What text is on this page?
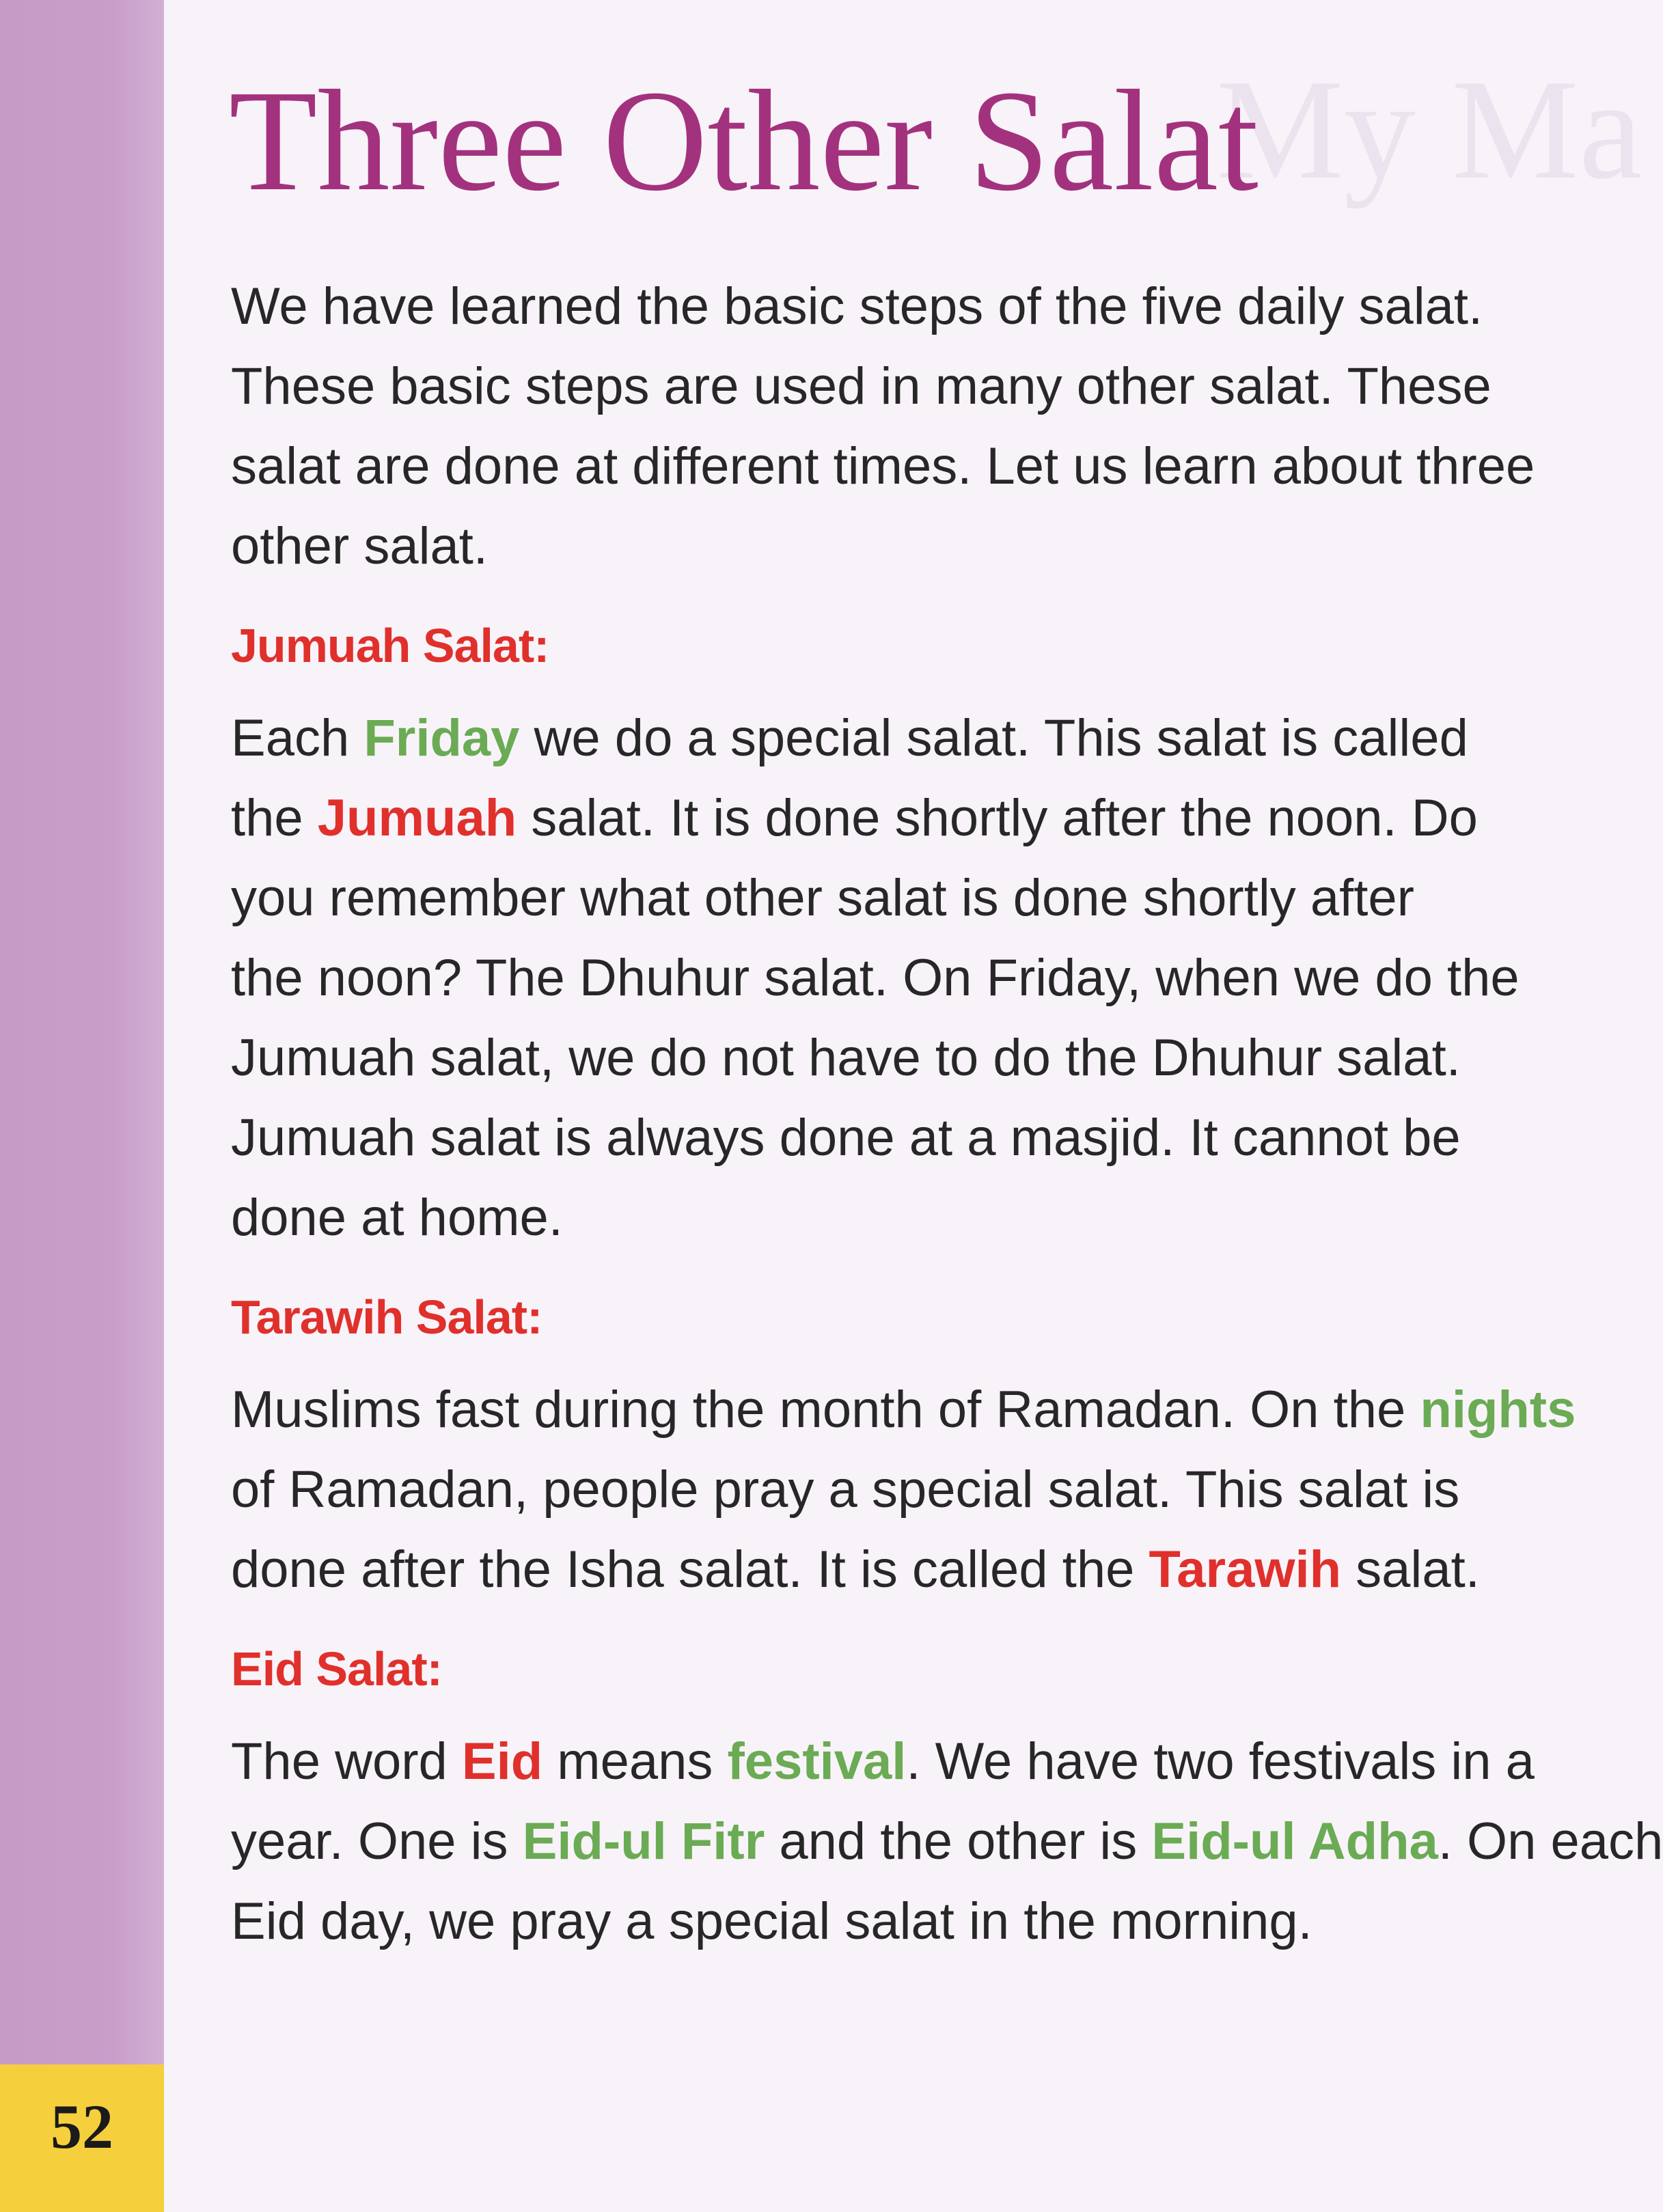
52
My Ma
Three Other Salat

We have learned the basic steps of the five daily salat.
These basic steps are used in many other salat. These
salat are done at different times. Let us learn about three
other salat.

Jumuah Salat:

Each Friday we do a special salat. This salat is called
the Jumuah salat. It is done shortly after the noon. Do
you remember what other salat is done shortly after
the noon? The Dhuhur salat. On Friday, when we do the
Jumuah salat, we do not have to do the Dhuhur salat.
Jumuah salat is always done at a masjid. It cannot be
done at home.

Tarawih Salat:

Muslims fast during the month of Ramadan. On the nights
of Ramadan, people pray a special salat. This salat is
done after the Isha salat. It is called the Tarawih salat.

Eid Salat:

The word Eid means festival. We have two festivals in a
year. One is Eid-ul Fitr and the other is Eid-ul Adha. On each
Eid day, we pray a special salat in the morning.
